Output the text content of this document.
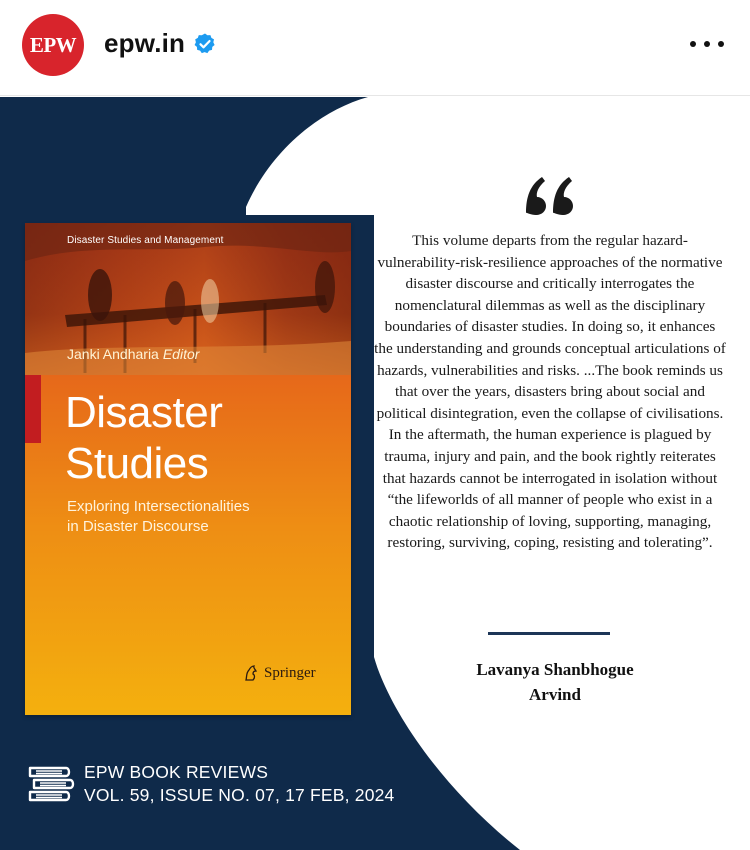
EPW epw.in
Disaster Studies and Management
Janki Andharia Editor
Disaster
Studies
Exploring Intersectionalities
in Disaster Discourse
Springer

This volume departs from the regular hazard-vulnerability-risk-resilience approaches of the normative disaster discourse and critically interrogates the nomenclatural dilemmas as well as the disciplinary boundaries of disaster studies. In doing so, it enhances the understanding and grounds conceptual articulations of hazards, vulnerabilities and risks. ...The book reminds us that over the years, disasters bring about social and political disintegration, even the collapse of civilisations. In the aftermath, the human experience is plagued by trauma, injury and pain, and the book rightly reiterates that hazards cannot be interrogated in isolation without “the lifeworlds of all manner of people who exist in a chaotic relationship of loving, supporting, managing, restoring, surviving, coping, resisting and tolerating”.

Lavanya Shanbhogue
Arvind
EPW BOOK REVIEWS
VOL. 59, ISSUE NO. 07, 17 FEB, 2024
